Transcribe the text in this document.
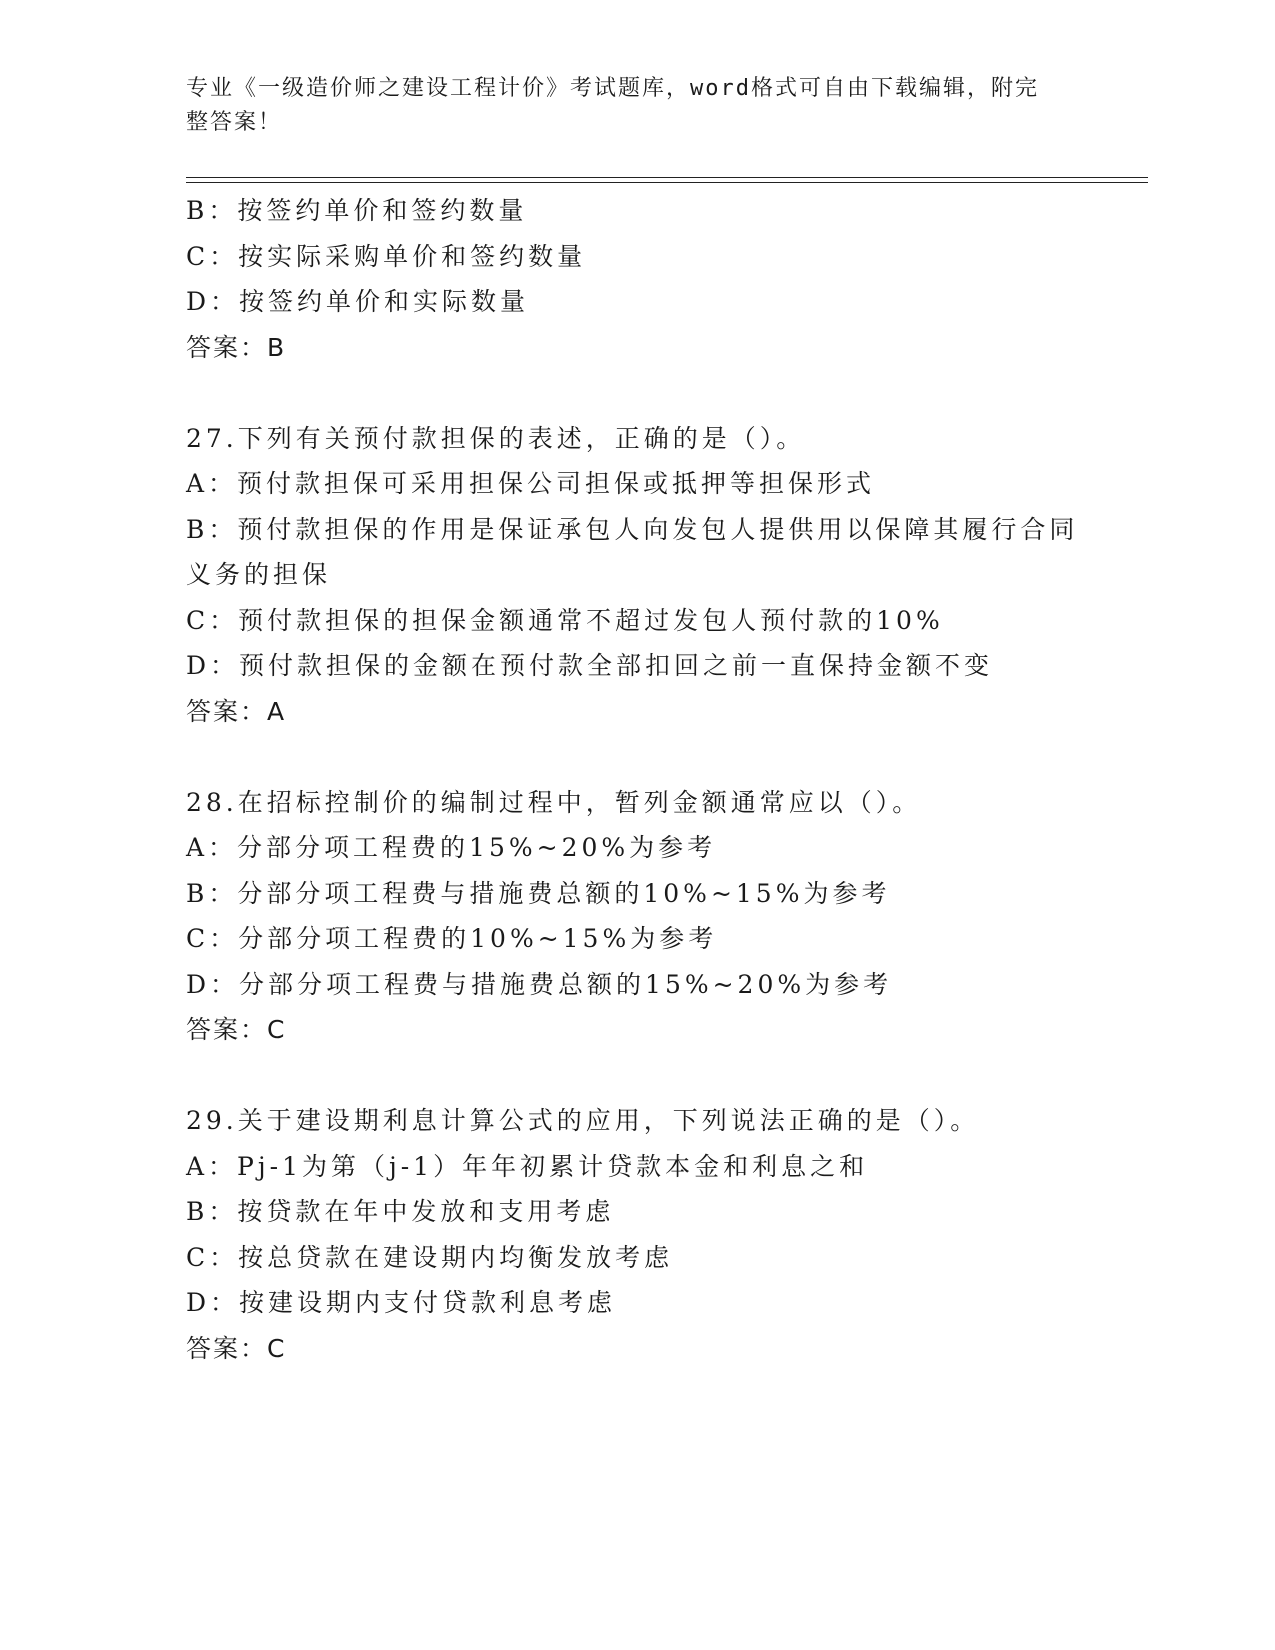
专业《一级造价师之建设工程计价》考试题库，word格式可自由下载编辑，附完
整答案！
B：按签约单价和签约数量
C：按实际采购单价和签约数量
D：按签约单价和实际数量
答案：B
27.下列有关预付款担保的表述，正确的是（）。
A：预付款担保可采用担保公司担保或抵押等担保形式
B：预付款担保的作用是保证承包人向发包人提供用以保障其履行合同
义务的担保
C：预付款担保的担保金额通常不超过发包人预付款的10%
D：预付款担保的金额在预付款全部扣回之前一直保持金额不变
答案：A
28.在招标控制价的编制过程中，暂列金额通常应以（）。
A：分部分项工程费的15%~20%为参考
B：分部分项工程费与措施费总额的10%~15%为参考
C：分部分项工程费的10%~15%为参考
D：分部分项工程费与措施费总额的15%~20%为参考
答案：C
29.关于建设期利息计算公式的应用，下列说法正确的是（）。
A：Pj-1为第（j-1）年年初累计贷款本金和利息之和
B：按贷款在年中发放和支用考虑
C：按总贷款在建设期内均衡发放考虑
D：按建设期内支付贷款利息考虑
答案：C
